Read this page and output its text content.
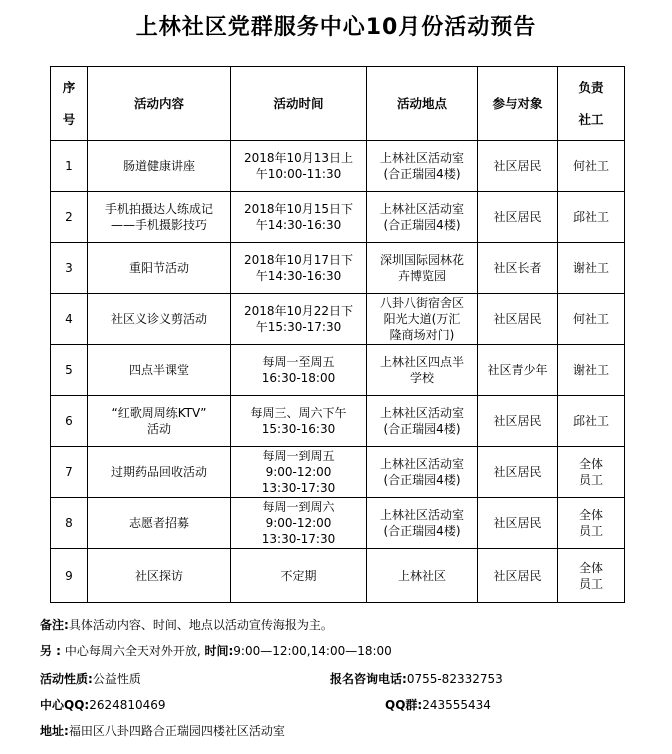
上林社区党群服务中心10月份活动预告
序

号	活动内容	活动时间	活动地点	参与对象	负责

社工
1	肠道健康讲座	2018年10月13日上
午10:00-11:30	上林社区活动室
(合正瑞园4楼)	社区居民	何社工
2	手机拍摄达人练成记
——手机摄影技巧	2018年10月15日下
午14:30-16:30	上林社区活动室
(合正瑞园4楼)	社区居民	邱社工
3	重阳节活动	2018年10月17日下
午14:30-16:30	深圳国际园林花
卉博览园	社区长者	谢社工
4	社区义诊义剪活动	2018年10月22日下
午15:30-17:30	八卦八街宿舍区
阳光大道(万汇
隆商场对门)	社区居民	何社工
5	四点半课堂	每周一至周五
16:30-18:00	上林社区四点半
学校	社区青少年	谢社工
6	“红歌周周练KTV”
活动	每周三、周六下午
15:30-16:30	上林社区活动室
(合正瑞园4楼)	社区居民	邱社工
7	过期药品回收活动	每周一到周五
9:00-12:00
13:30-17:30	上林社区活动室
(合正瑞园4楼)	社区居民	全体
员工
8	志愿者招募	每周一到周六
9:00-12:00
13:30-17:30	上林社区活动室
(合正瑞园4楼)	社区居民	全体
员工
9	社区探访	不定期	上林社区	社区居民	全体
员工
备注:具体活动内容、时间、地点以活动宣传海报为主。
另 : 中心每周六全天对外开放, 时间:9:00—12:00,14:00—18:00
活动性质:公益性质	报名咨询电话:0755-82332753
中心QQ:2624810469	QQ群:243555434
地址:福田区八卦四路合正瑞园四楼社区活动室
